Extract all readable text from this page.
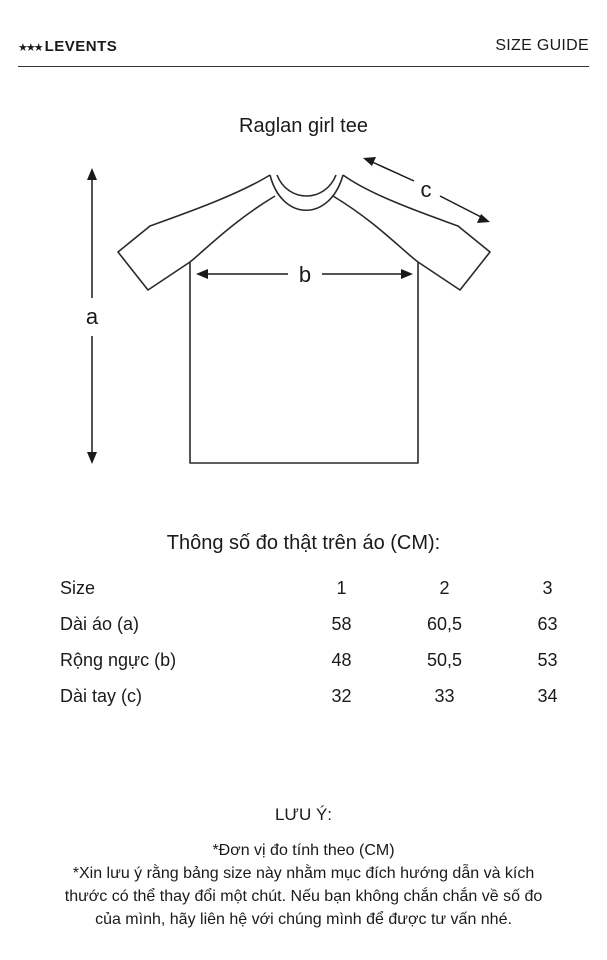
★★★ LEVENTS	SIZE GUIDE
Raglan girl tee
a
b
c
Thông số đo thật trên áo (CM):
Size	1	2	3
Dài áo (a)	58	60,5	63
Rộng ngực (b)	48	50,5	53
Dài tay (c)	32	33	34
LƯU Ý:
*Đơn vị đo tính theo (CM)
*Xin lưu ý rằng bảng size này nhằm mục đích hướng dẫn và kích
thước có thể thay đổi một chút. Nếu bạn không chắn chắn về số đo
của mình, hãy liên hệ với chúng mình để được tư vấn nhé.
